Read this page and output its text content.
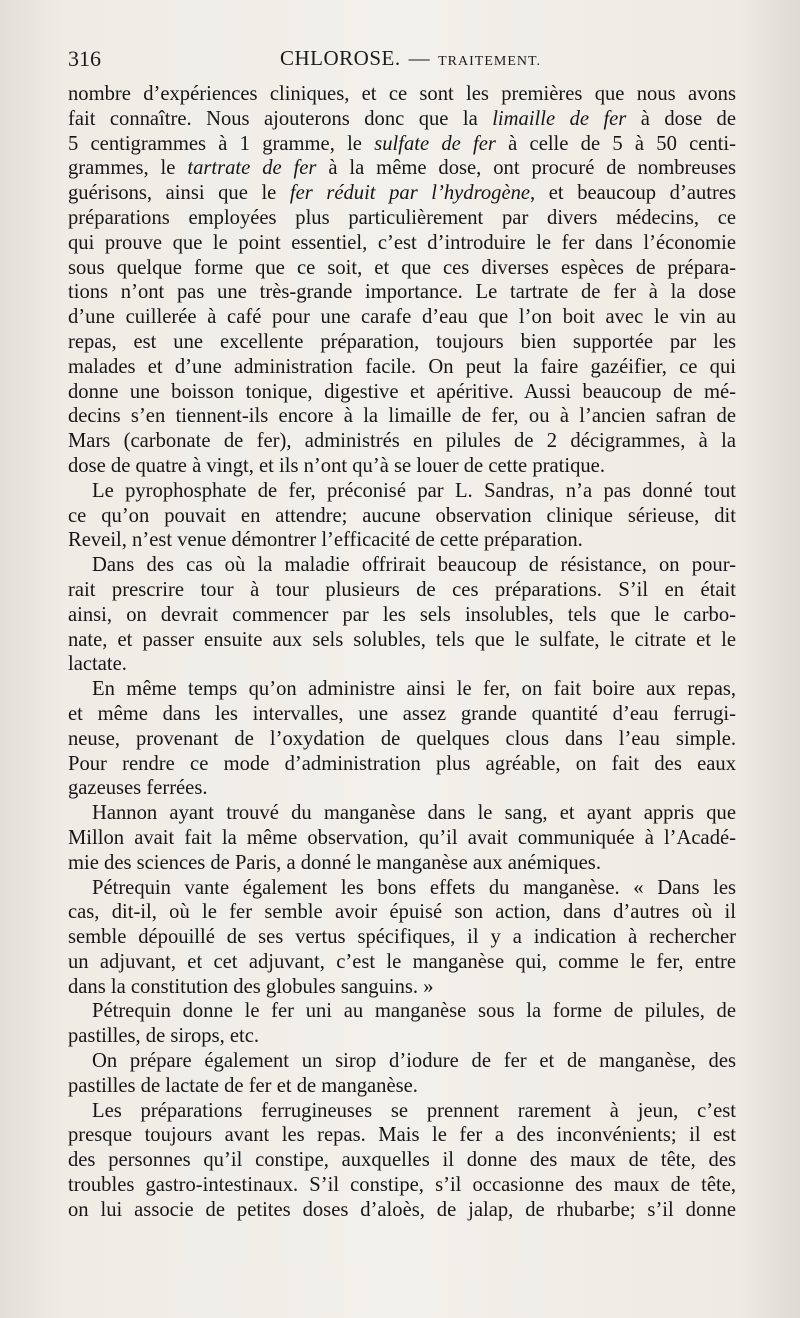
316	CHLOROSE. — TRAITEMENT.
nombre d’expériences cliniques, et ce sont les premières que nous avons
fait connaître. Nous ajouterons donc que la limaille de fer à dose de
5 centigrammes à 1 gramme, le sulfate de fer à celle de 5 à 50 centi-
grammes, le tartrate de fer à la même dose, ont procuré de nombreuses
guérisons, ainsi que le fer réduit par l’hydrogène, et beaucoup d’autres
préparations employées plus particulièrement par divers médecins, ce
qui prouve que le point essentiel, c’est d’introduire le fer dans l’économie
sous quelque forme que ce soit, et que ces diverses espèces de prépara-
tions n’ont pas une très-grande importance. Le tartrate de fer à la dose
d’une cuillerée à café pour une carafe d’eau que l’on boit avec le vin au
repas, est une excellente préparation, toujours bien supportée par les
malades et d’une administration facile. On peut la faire gazéifier, ce qui
donne une boisson tonique, digestive et apéritive. Aussi beaucoup de mé-
decins s’en tiennent-ils encore à la limaille de fer, ou à l’ancien safran de
Mars (carbonate de fer), administrés en pilules de 2 décigrammes, à la
dose de quatre à vingt, et ils n’ont qu’à se louer de cette pratique.
Le pyrophosphate de fer, préconisé par L. Sandras, n’a pas donné tout
ce qu’on pouvait en attendre; aucune observation clinique sérieuse, dit
Reveil, n’est venue démontrer l’efficacité de cette préparation.
Dans des cas où la maladie offrirait beaucoup de résistance, on pour-
rait prescrire tour à tour plusieurs de ces préparations. S’il en était
ainsi, on devrait commencer par les sels insolubles, tels que le carbo-
nate, et passer ensuite aux sels solubles, tels que le sulfate, le citrate et le
lactate.
En même temps qu’on administre ainsi le fer, on fait boire aux repas,
et même dans les intervalles, une assez grande quantité d’eau ferrugi-
neuse, provenant de l’oxydation de quelques clous dans l’eau simple.
Pour rendre ce mode d’administration plus agréable, on fait des eaux
gazeuses ferrées.
Hannon ayant trouvé du manganèse dans le sang, et ayant appris que
Millon avait fait la même observation, qu’il avait communiquée à l’Acadé-
mie des sciences de Paris, a donné le manganèse aux anémiques.
Pétrequin vante également les bons effets du manganèse. « Dans les
cas, dit-il, où le fer semble avoir épuisé son action, dans d’autres où il
semble dépouillé de ses vertus spécifiques, il y a indication à rechercher
un adjuvant, et cet adjuvant, c’est le manganèse qui, comme le fer, entre
dans la constitution des globules sanguins. »
Pétrequin donne le fer uni au manganèse sous la forme de pilules, de
pastilles, de sirops, etc.
On prépare également un sirop d’iodure de fer et de manganèse, des
pastilles de lactate de fer et de manganèse.
Les préparations ferrugineuses se prennent rarement à jeun, c’est
presque toujours avant les repas. Mais le fer a des inconvénients; il est
des personnes qu’il constipe, auxquelles il donne des maux de tête, des
troubles gastro-intestinaux. S’il constipe, s’il occasionne des maux de tête,
on lui associe de petites doses d’aloès, de jalap, de rhubarbe; s’il donne
